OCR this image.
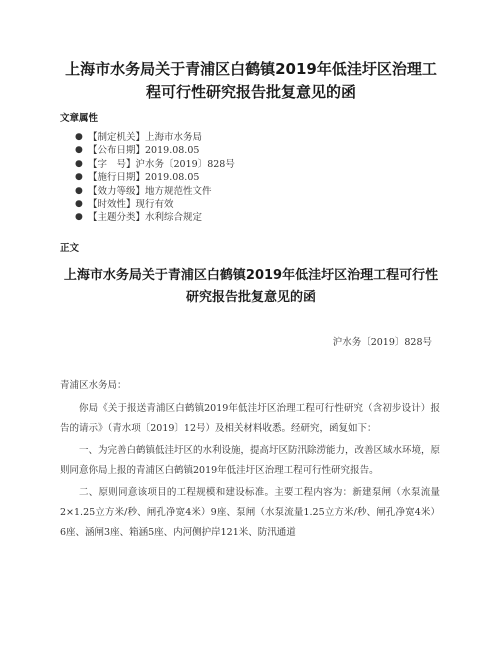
上海市水务局关于青浦区白鹤镇2019年低洼圩区治理工程可行性研究报告批复意见的函
文章属性
● 【制定机关】上海市水务局
● 【公布日期】2019.08.05
● 【字　号】沪水务〔2019〕828号
● 【施行日期】2019.08.05
● 【效力等级】地方规范性文件
● 【时效性】现行有效
● 【主题分类】水利综合规定
正文
上海市水务局关于青浦区白鹤镇2019年低洼圩区治理工程可行性研究报告批复意见的函
沪水务〔2019〕828号
青浦区水务局：

你局《关于报送青浦区白鹤镇2019年低洼圩区治理工程可行性研究（含初步设计）报告的请示》（青水项〔2019〕12号）及相关材料收悉。经研究，函复如下：

一、为完善白鹤镇低洼圩区的水利设施，提高圩区防汛除涝能力，改善区域水环境，原则同意你局上报的青浦区白鹤镇2019年低洼圩区治理工程可行性研究报告。

二、原则同意该项目的工程规模和建设标准。主要工程内容为：新建泵闸（水泵流量2×1.25立方米/秒、闸孔净宽4米）9座、泵闸（水泵流量1.25立方米/秒、闸孔净宽4米）6座、涵闸3座、箱涵5座、内河侧护岸121米、防汛通道
